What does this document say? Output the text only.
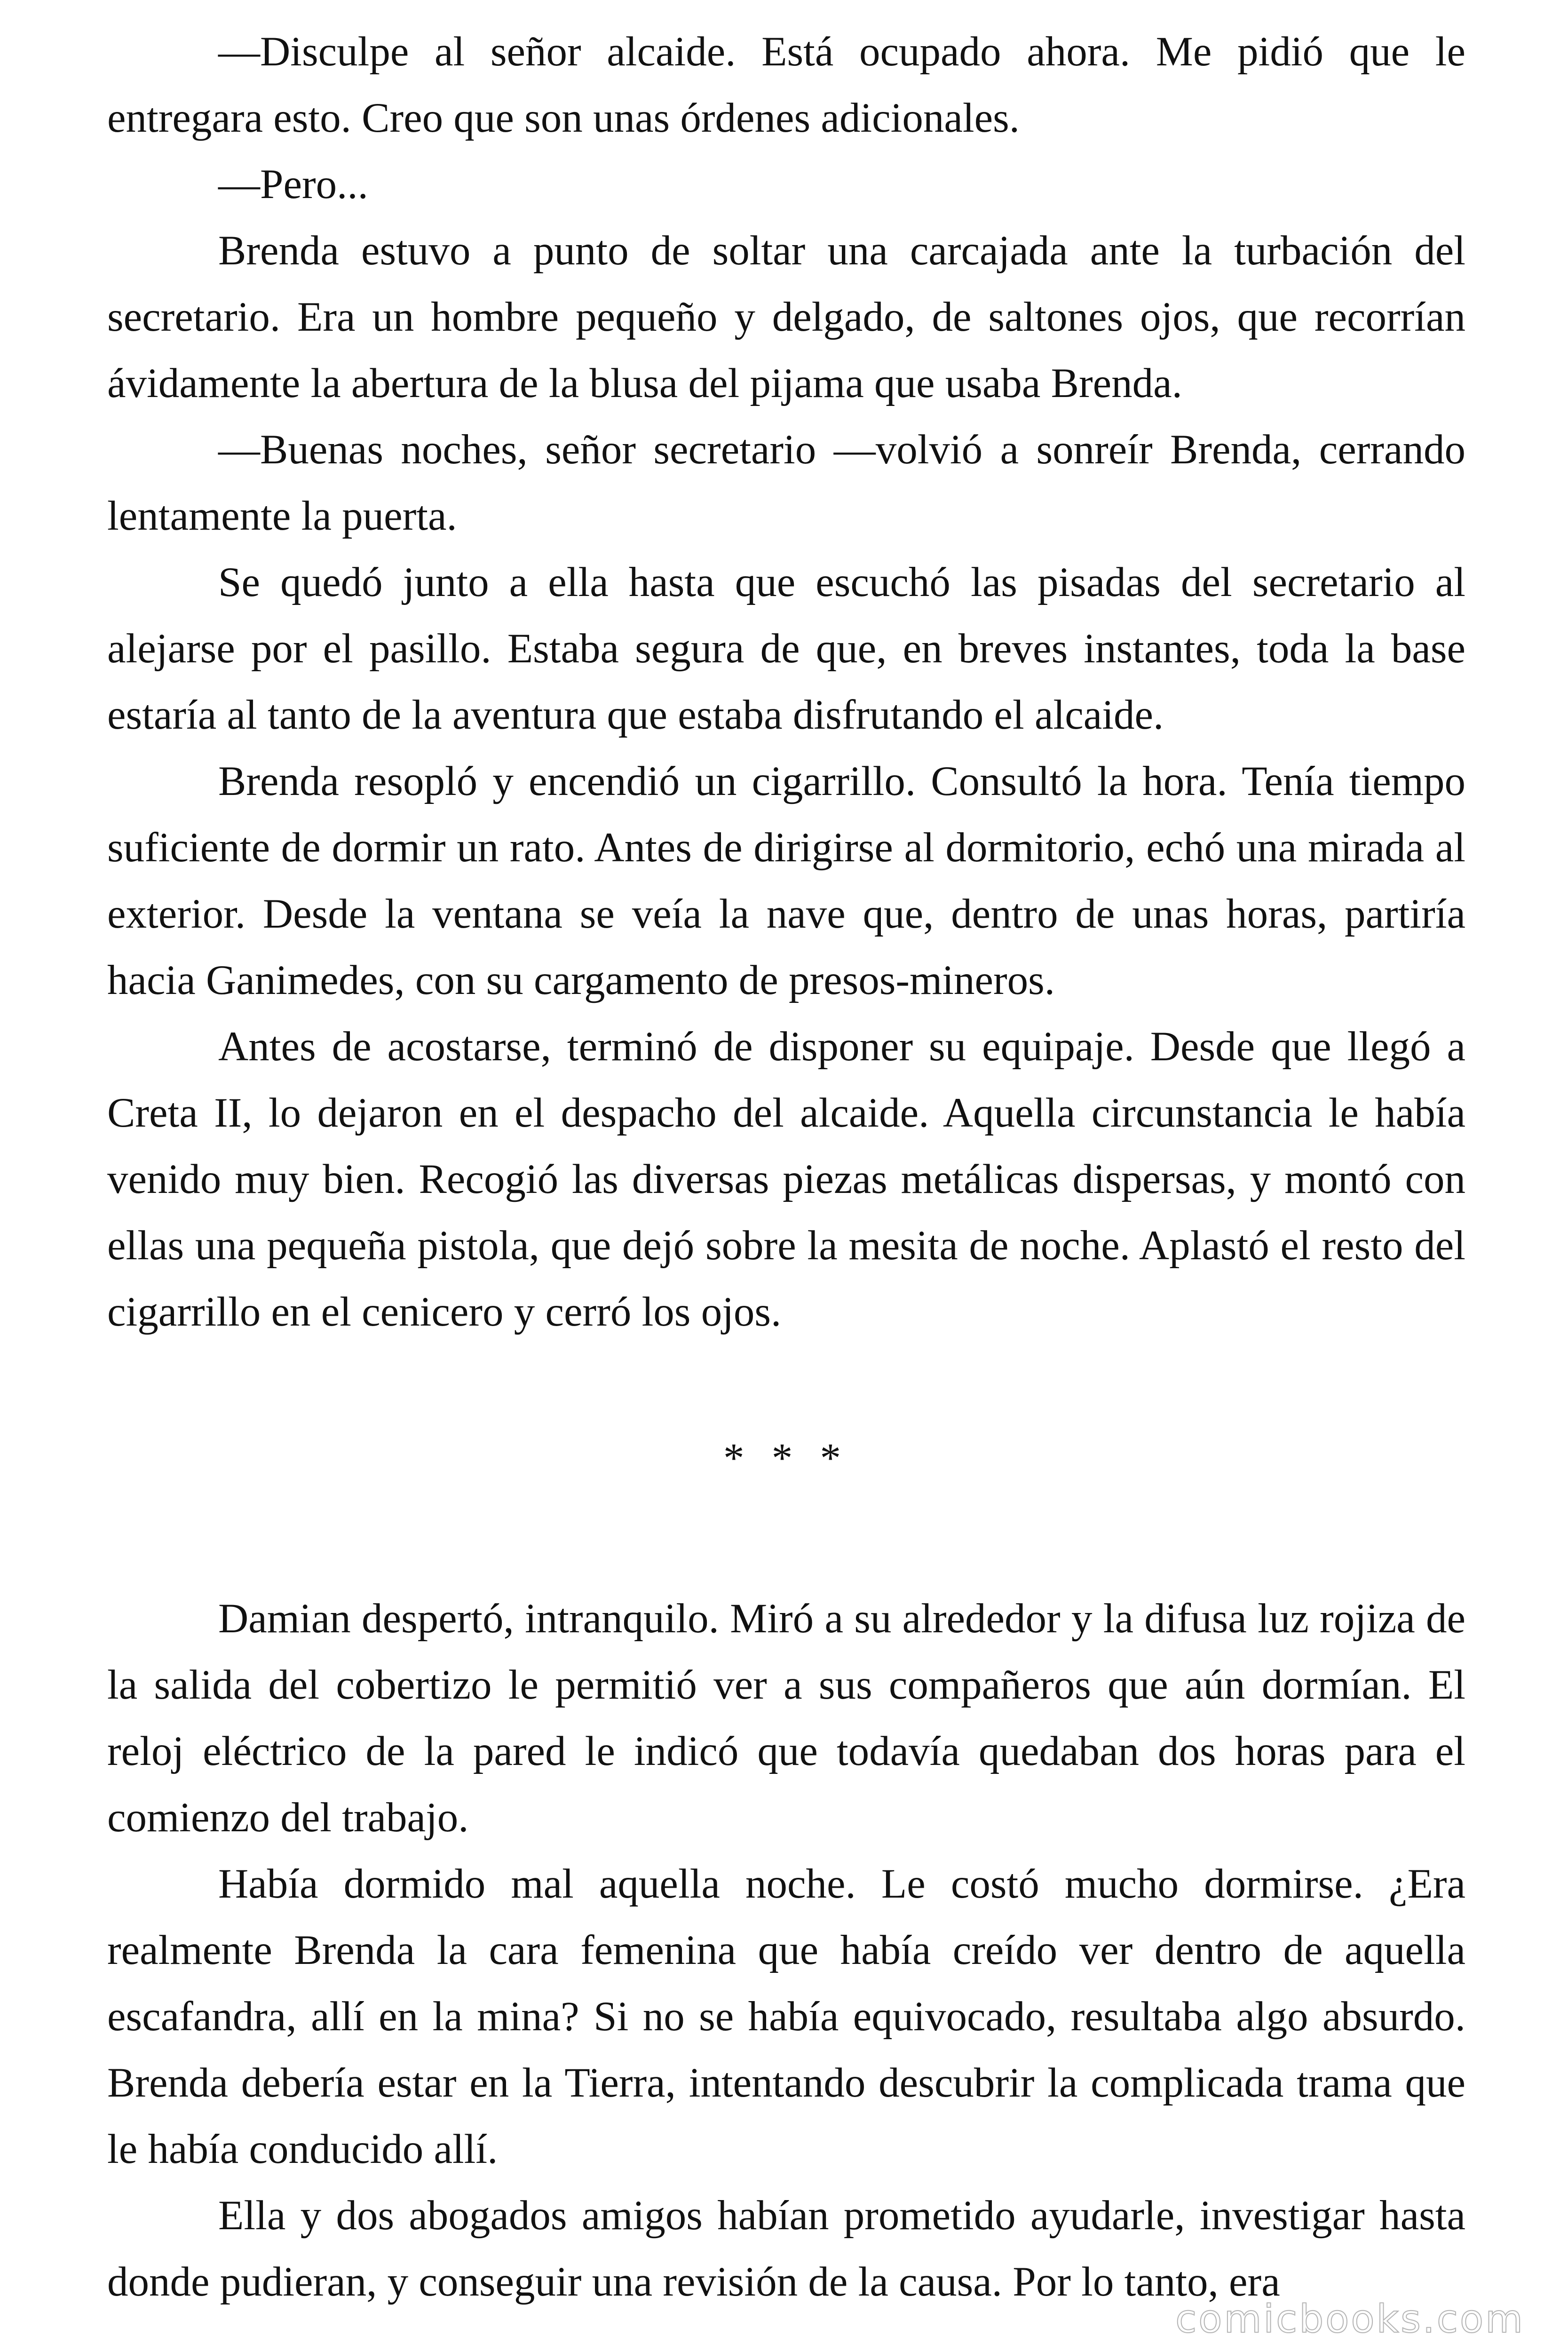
—Disculpe al señor alcaide. Está ocupado ahora. Me pidió que le entregara esto. Creo que son unas órdenes adicionales.

—Pero...

Brenda estuvo a punto de soltar una carcajada ante la turbación del secretario. Era un hombre pequeño y delgado, de saltones ojos, que recorrían ávidamente la abertura de la blusa del pijama que usaba Brenda.

—Buenas noches, señor secretario —volvió a sonreír Brenda, cerrando lentamente la puerta.

Se quedó junto a ella hasta que escuchó las pisadas del secretario al alejarse por el pasillo. Estaba segura de que, en breves instantes, toda la base estaría al tanto de la aventura que estaba disfrutando el alcaide.

Brenda resopló y encendió un cigarrillo. Consultó la hora. Tenía tiempo suficiente de dormir un rato. Antes de dirigirse al dormitorio, echó una mirada al exterior. Desde la ventana se veía la nave que, dentro de unas horas, partiría hacia Ganimedes, con su cargamento de presos-mineros.

Antes de acostarse, terminó de disponer su equipaje. Desde que llegó a Creta II, lo dejaron en el despacho del alcaide. Aquella circunstancia le había venido muy bien. Recogió las diversas piezas metálicas dispersas, y montó con ellas una pequeña pistola, que dejó sobre la mesita de noche. Aplastó el resto del cigarrillo en el cenicero y cerró los ojos.

* * *

Damian despertó, intranquilo. Miró a su alrededor y la difusa luz rojiza de la salida del cobertizo le permitió ver a sus compañeros que aún dormían. El reloj eléctrico de la pared le indicó que todavía quedaban dos horas para el comienzo del trabajo.

Había dormido mal aquella noche. Le costó mucho dormirse. ¿Era realmente Brenda la cara femenina que había creído ver dentro de aquella escafandra, allí en la mina? Si no se había equivocado, resultaba algo absurdo. Brenda debería estar en la Tierra, intentando descubrir la complicada trama que le había conducido allí.

Ella y dos abogados amigos habían prometido ayudarle, investigar hasta donde pudieran, y conseguir una revisión de la causa. Por lo tanto, era

comicbooks.com
